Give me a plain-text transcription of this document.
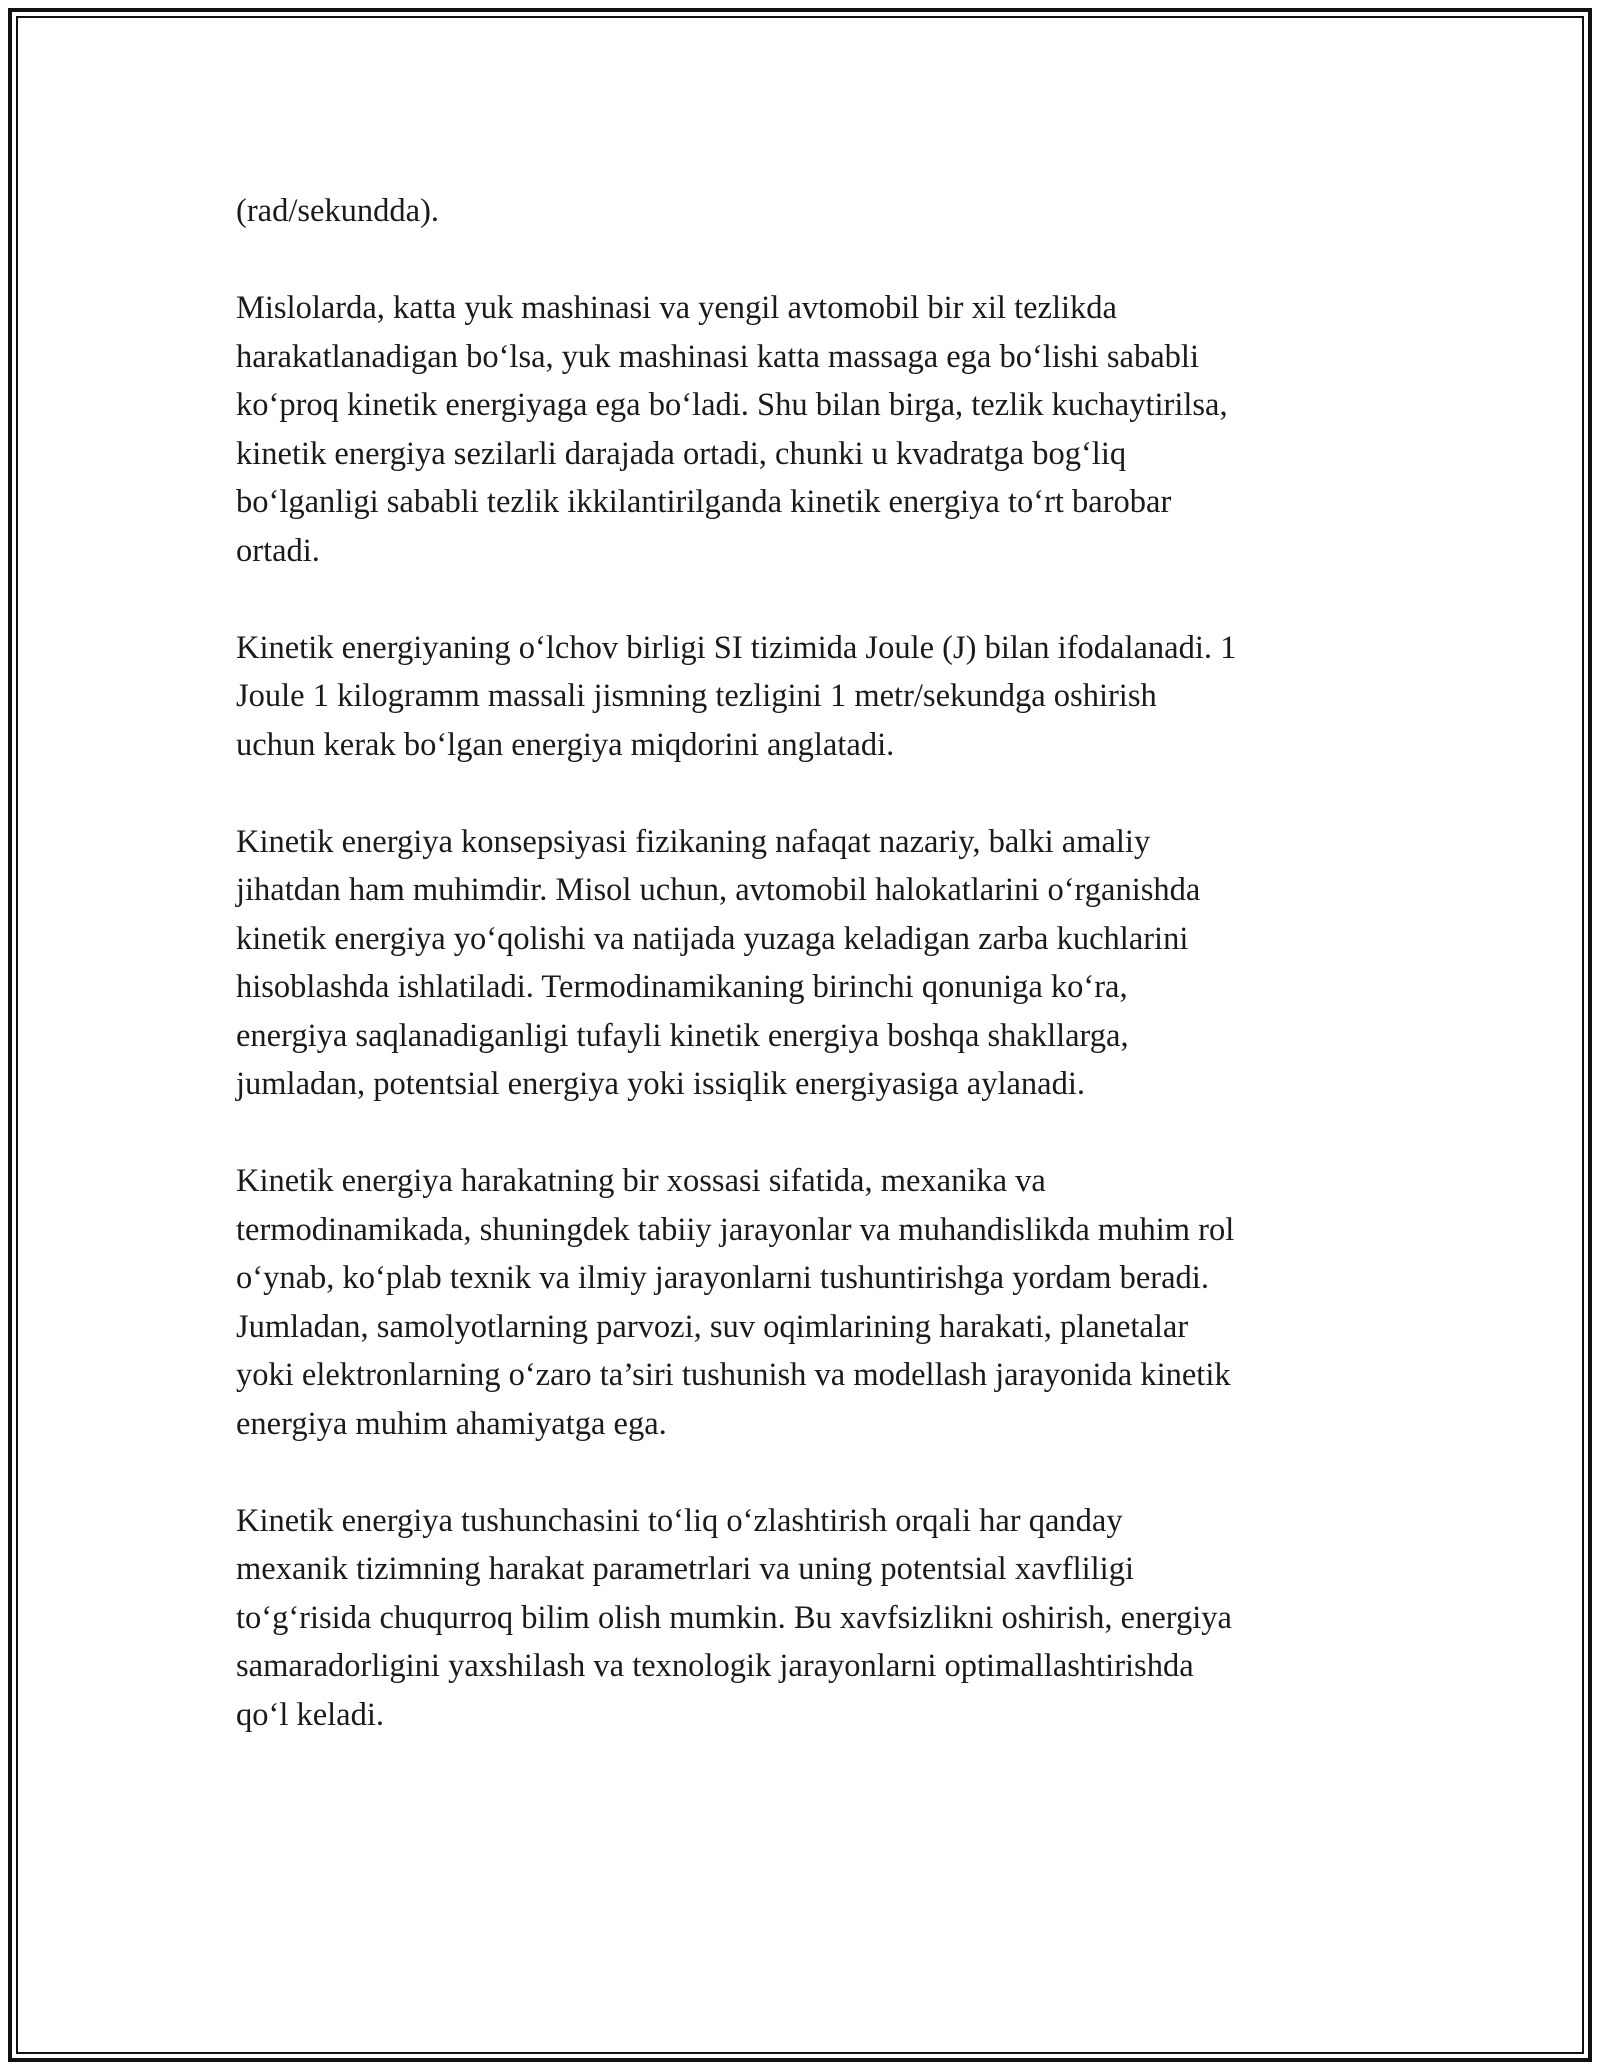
(rad/sekundda).

Mislolarda, katta yuk mashinasi va yengil avtomobil bir xil tezlikda
harakatlanadigan bo‘lsa, yuk mashinasi katta massaga ega bo‘lishi sababli
ko‘proq kinetik energiyaga ega bo‘ladi. Shu bilan birga, tezlik kuchaytirilsa,
kinetik energiya sezilarli darajada ortadi, chunki u kvadratga bog‘liq
bo‘lganligi sababli tezlik ikkilantirilganda kinetik energiya to‘rt barobar
ortadi.

Kinetik energiyaning o‘lchov birligi SI tizimida Joule (J) bilan ifodalanadi. 1
Joule 1 kilogramm massali jismning tezligini 1 metr/sekundga oshirish
uchun kerak bo‘lgan energiya miqdorini anglatadi.

Kinetik energiya konsepsiyasi fizikaning nafaqat nazariy, balki amaliy
jihatdan ham muhimdir. Misol uchun, avtomobil halokatlarini o‘rganishda
kinetik energiya yo‘qolishi va natijada yuzaga keladigan zarba kuchlarini
hisoblashda ishlatiladi. Termodinamikaning birinchi qonuniga ko‘ra,
energiya saqlanadiganligi tufayli kinetik energiya boshqa shakllarga,
jumladan, potentsial energiya yoki issiqlik energiyasiga aylanadi.

Kinetik energiya harakatning bir xossasi sifatida, mexanika va
termodinamikada, shuningdek tabiiy jarayonlar va muhandislikda muhim rol
o‘ynab, ko‘plab texnik va ilmiy jarayonlarni tushuntirishga yordam beradi.
Jumladan, samolyotlarning parvozi, suv oqimlarining harakati, planetalar
yoki elektronlarning o‘zaro ta’siri tushunish va modellash jarayonida kinetik
energiya muhim ahamiyatga ega.

Kinetik energiya tushunchasini to‘liq o‘zlashtirish orqali har qanday
mexanik tizimning harakat parametrlari va uning potentsial xavfliligi
to‘g‘risida chuqurroq bilim olish mumkin. Bu xavfsizlikni oshirish, energiya
samaradorligini yaxshilash va texnologik jarayonlarni optimallashtirishda
qo‘l keladi.
